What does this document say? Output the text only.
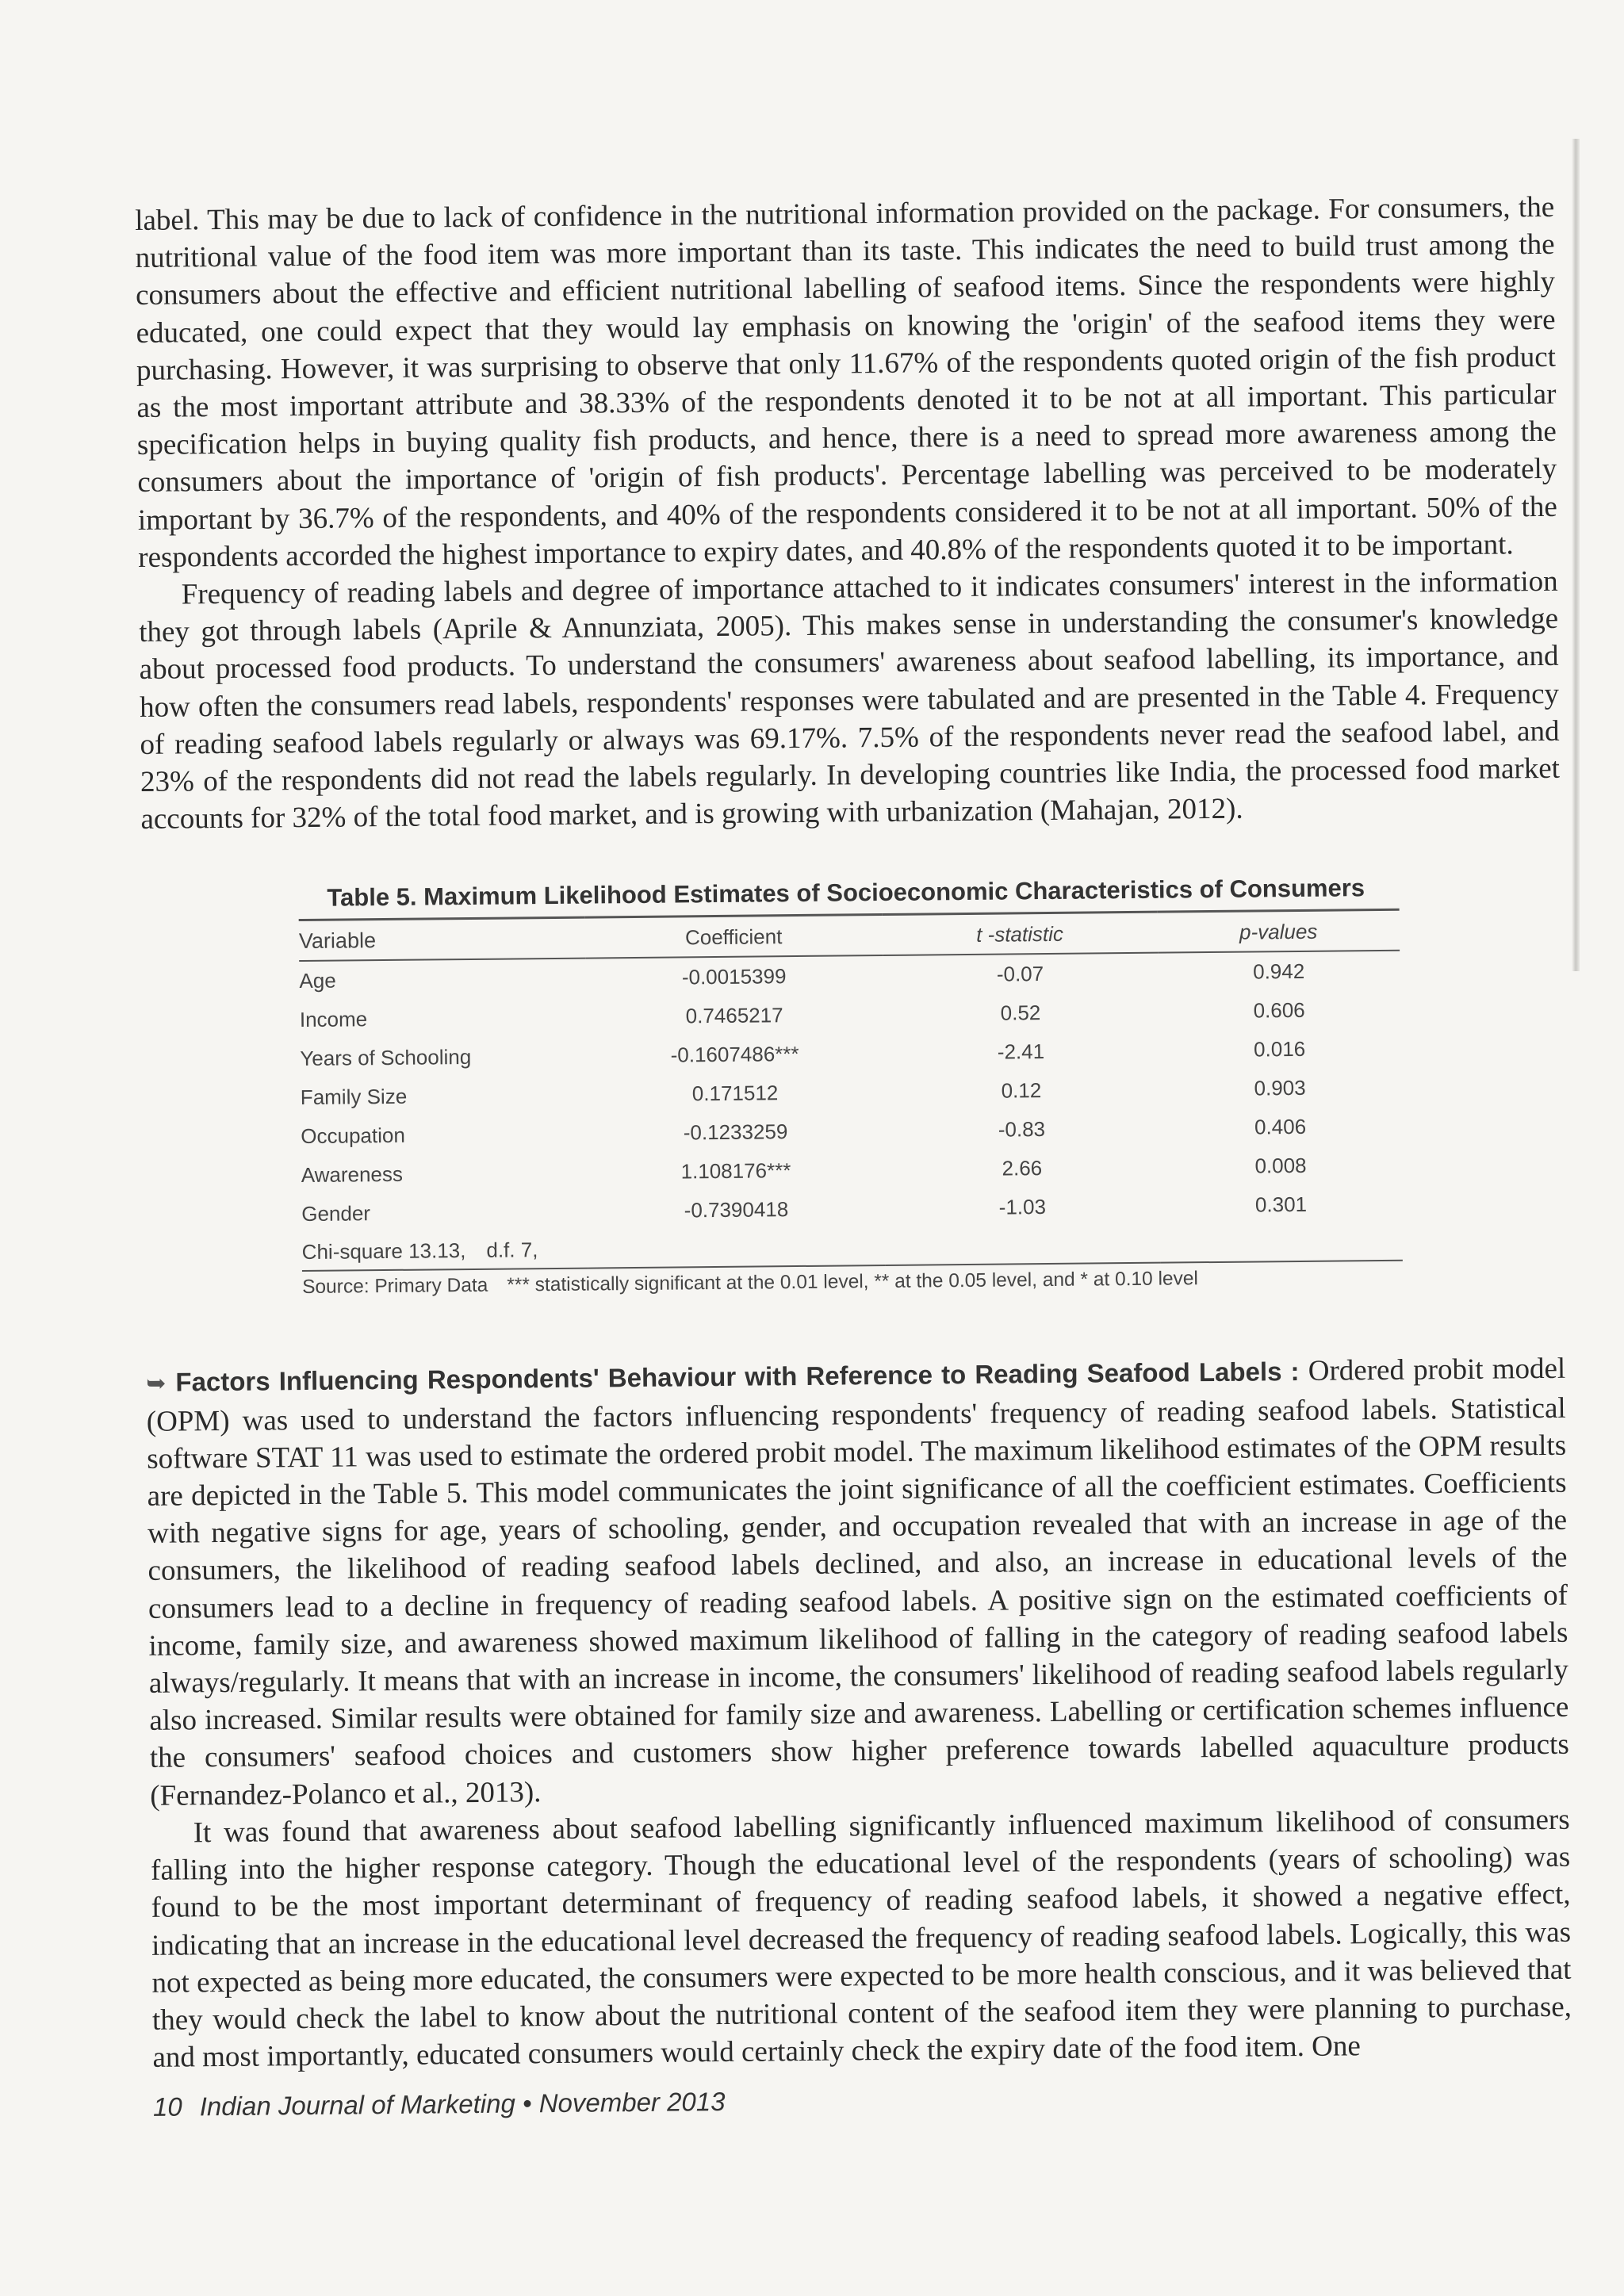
label. This may be due to lack of confidence in the nutritional information provided on the package. For consumers, the nutritional value of the food item was more important than its taste. This indicates the need to build trust among the consumers about the effective and efficient nutritional labelling of seafood items. Since the respondents were highly educated, one could expect that they would lay emphasis on knowing the 'origin' of the seafood items they were purchasing. However, it was surprising to observe that only 11.67% of the respondents quoted origin of the fish product as the most important attribute and 38.33% of the respondents denoted it to be not at all important. This particular specification helps in buying quality fish products, and hence, there is a need to spread more awareness among the consumers about the importance of 'origin of fish products'. Percentage labelling was perceived to be moderately important by 36.7% of the respondents, and 40% of the respondents considered it to be not at all important. 50% of the respondents accorded the highest importance to expiry dates, and 40.8% of the respondents quoted it to be important.

Frequency of reading labels and degree of importance attached to it indicates consumers' interest in the information they got through labels (Aprile & Annunziata, 2005). This makes sense in understanding the consumer's knowledge about processed food products. To understand the consumers' awareness about seafood labelling, its importance, and how often the consumers read labels, respondents' responses were tabulated and are presented in the Table 4. Frequency of reading seafood labels regularly or always was 69.17%. 7.5% of the respondents never read the seafood label, and 23% of the respondents did not read the labels regularly. In developing countries like India, the processed food market accounts for 32% of the total food market, and is growing with urbanization (Mahajan, 2012).

Table 5. Maximum Likelihood Estimates of Socioeconomic Characteristics of Consumers
Variable	Coefficient	t -statistic	p-values
Age	-0.0015399	-0.07	0.942
Income	0.7465217	0.52	0.606
Years of Schooling	-0.1607486***	-2.41	0.016
Family Size	0.171512	0.12	0.903
Occupation	-0.1233259	-0.83	0.406
Awareness	1.108176***	2.66	0.008
Gender	-0.7390418	-1.03	0.301
Chi-square 13.13, d.f. 7,			
Source: Primary Data *** statistically significant at the 0.01 level, ** at the 0.05 level, and * at 0.10 level

➥ Factors Influencing Respondents' Behaviour with Reference to Reading Seafood Labels : Ordered probit model (OPM) was used to understand the factors influencing respondents' frequency of reading seafood labels. Statistical software STAT 11 was used to estimate the ordered probit model. The maximum likelihood estimates of the OPM results are depicted in the Table 5. This model communicates the joint significance of all the coefficient estimates. Coefficients with negative signs for age, years of schooling, gender, and occupation revealed that with an increase in age of the consumers, the likelihood of reading seafood labels declined, and also, an increase in educational levels of the consumers lead to a decline in frequency of reading seafood labels. A positive sign on the estimated coefficients of income, family size, and awareness showed maximum likelihood of falling in the category of reading seafood labels always/regularly. It means that with an increase in income, the consumers' likelihood of reading seafood labels regularly also increased. Similar results were obtained for family size and awareness. Labelling or certification schemes influence the consumers' seafood choices and customers show higher preference towards labelled aquaculture products (Fernandez-Polanco et al., 2013).

It was found that awareness about seafood labelling significantly influenced maximum likelihood of consumers falling into the higher response category. Though the educational level of the respondents (years of schooling) was found to be the most important determinant of frequency of reading seafood labels, it showed a negative effect, indicating that an increase in the educational level decreased the frequency of reading seafood labels. Logically, this was not expected as being more educated, the consumers were expected to be more health conscious, and it was believed that they would check the label to know about the nutritional content of the seafood item they were planning to purchase, and most importantly, educated consumers would certainly check the expiry date of the food item. One

10 Indian Journal of Marketing • November 2013
